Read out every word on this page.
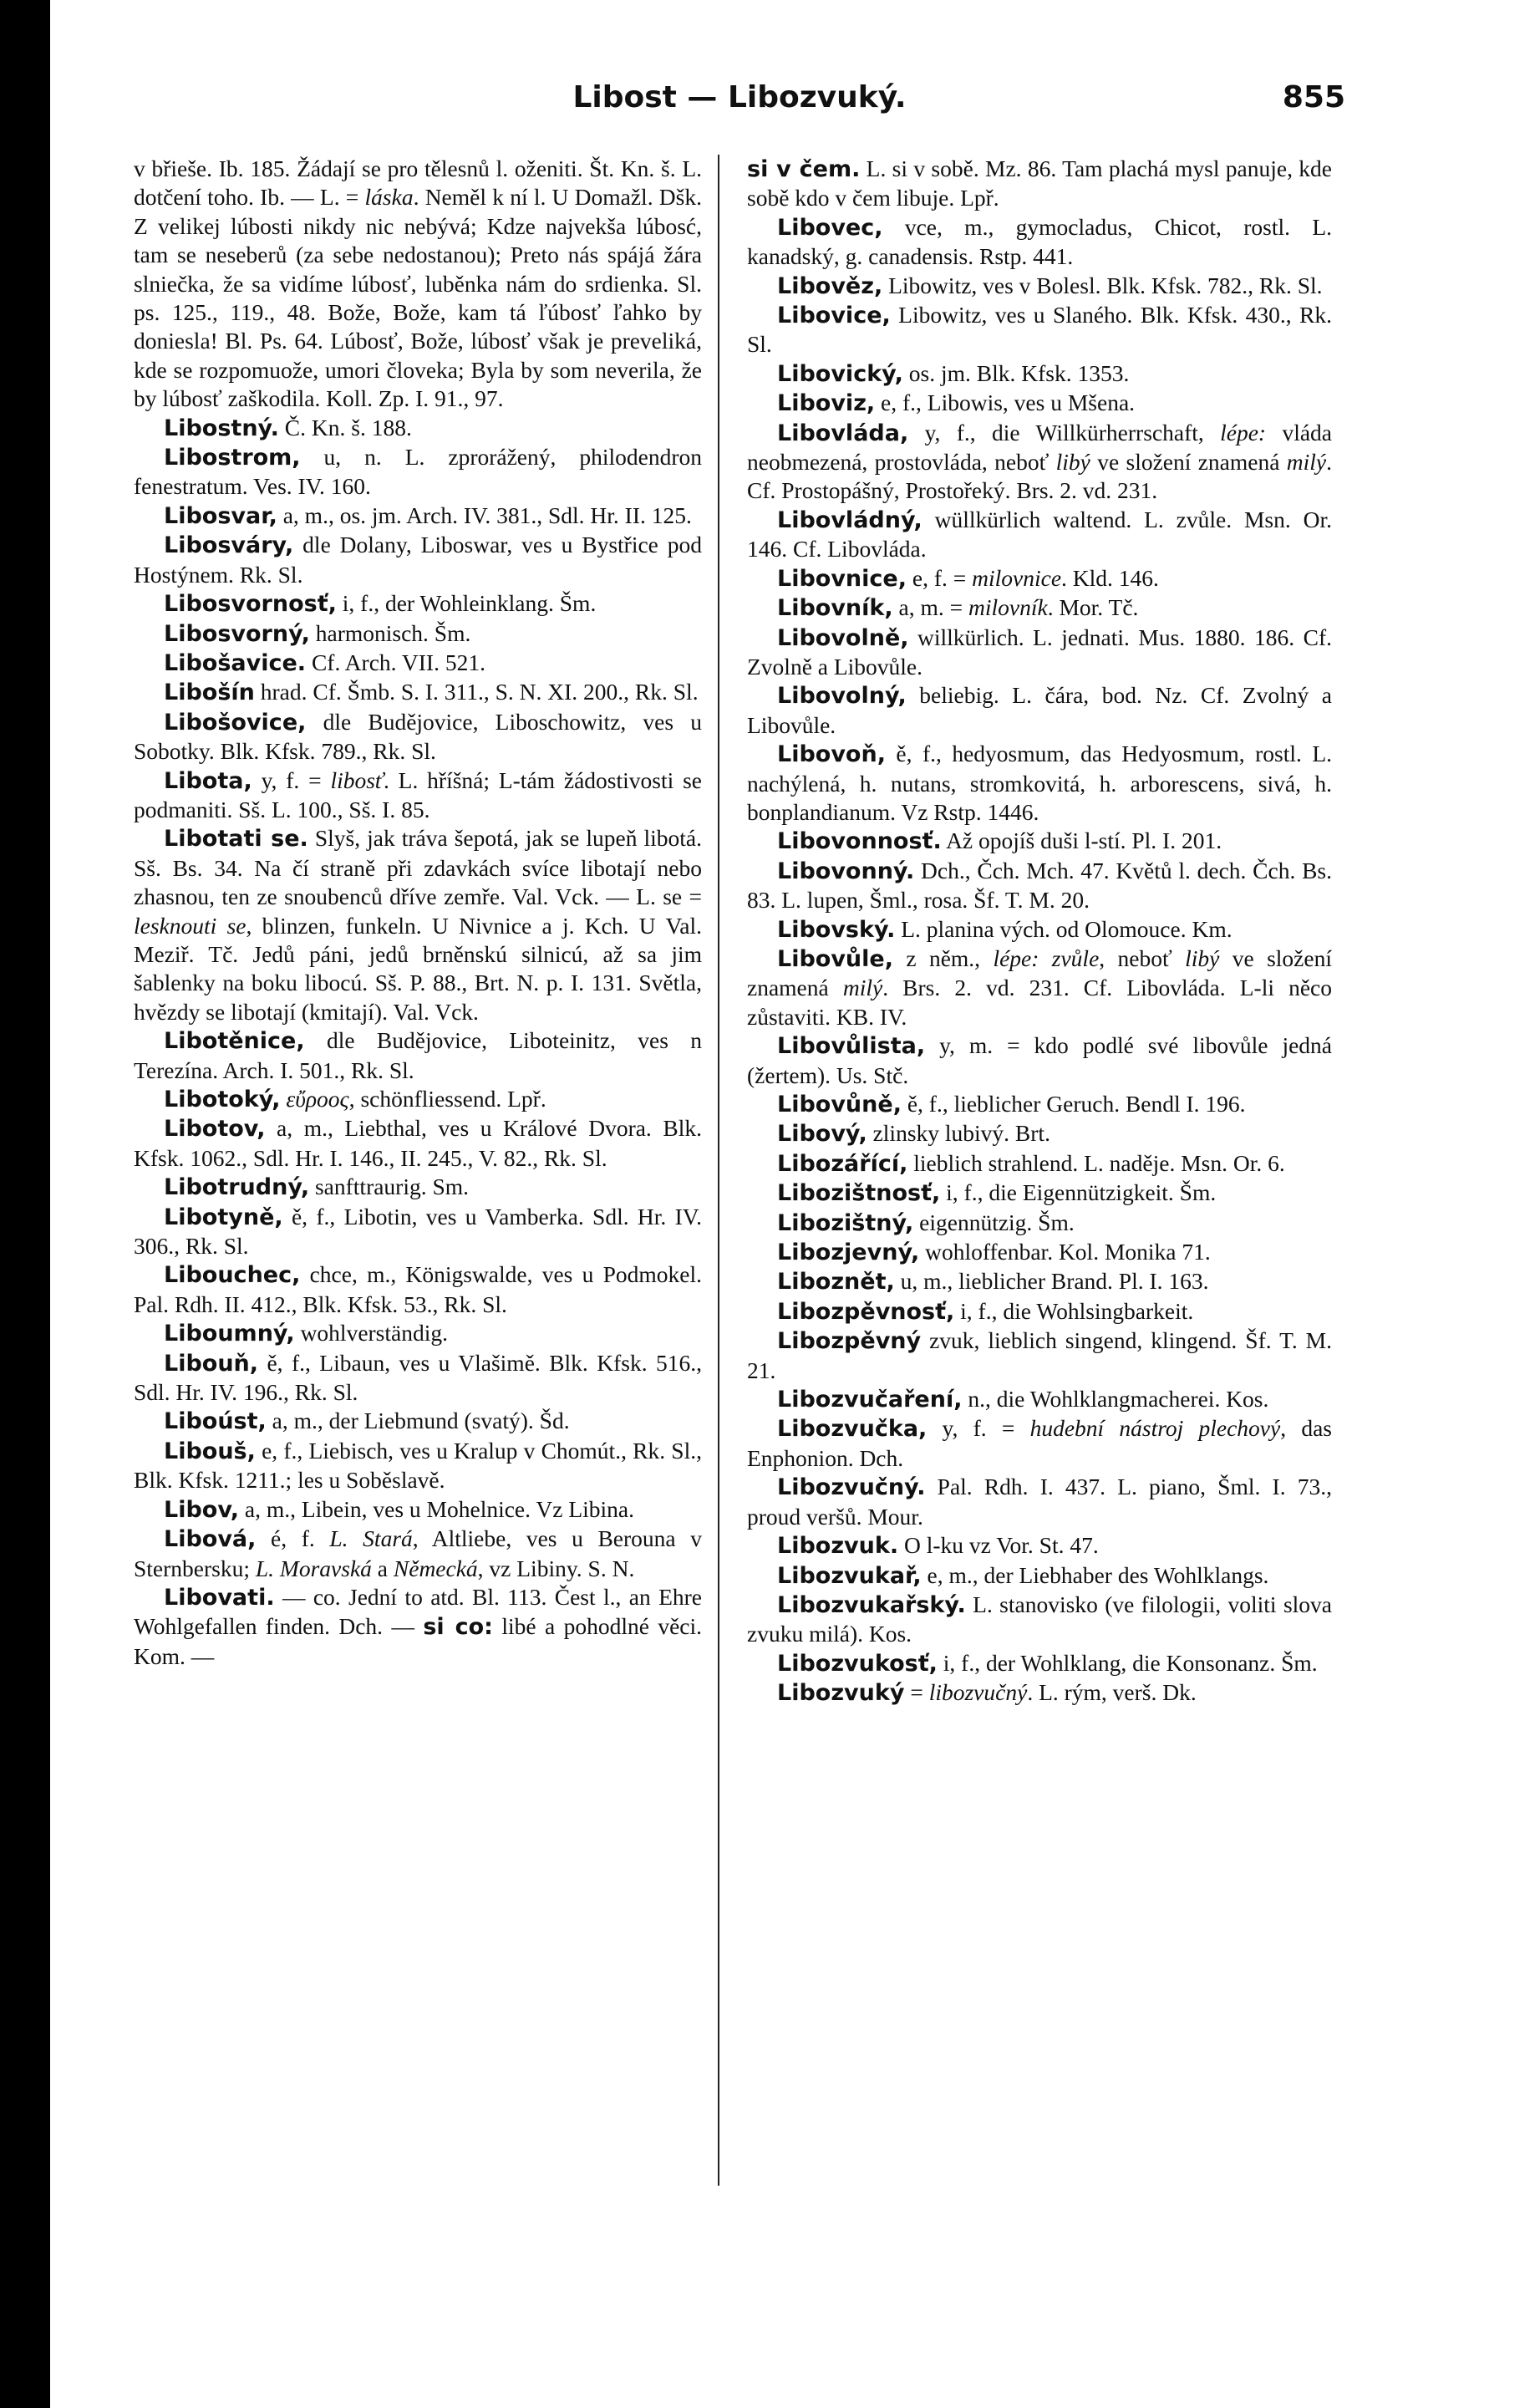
Libost — Libozvuký.	855

v břieše. Ib. 185. Žádají se pro tělesnů l. oženiti. Št. Kn. š. L. dotčení toho. Ib. — L. = láska. Neměl k ní l. U Domažl. Dšk. Z velikej lúbosti nikdy nic nebývá; Kdze najvekša lúbosć, tam se nesеberů (za sebe nedostanou); Preto nás spájá žára slniečka, že sa vidíme lúbosť, luběnka nám do srdienka. Sl. ps. 125., 119., 48. Bože, Bože, kam tá ľúbosť ľahko by doniesla! Bl. Ps. 64. Lúbosť, Bože, lúbosť však je preveliká, kde se rozpomuože, umori človeka; Byla by som neverila, že by lúbosť zaškodila. Koll. Zp. I. 91., 97.

Libostný. Č. Kn. š. 188.

Libostrom, u, n. L. zprorážený, philodendron fenestratum. Ves. IV. 160.

Libosvar, a, m., os. jm. Arch. IV. 381., Sdl. Hr. II. 125.

Libosváry, dle Dolany, Liboswar, ves u Bystřice pod Hostýnem. Rk. Sl.

Libosvornosť, i, f., der Wohleinklang. Šm.

Libosvorný, harmonisch. Šm.

Libošavice. Cf. Arch. VII. 521.

Libošín hrad. Cf. Šmb. S. I. 311., S. N. XI. 200., Rk. Sl.

Libošovice, dle Budějovice, Liboschowitz, ves u Sobotky. Blk. Kfsk. 789., Rk. Sl.

Libota, y, f. = libosť. L. hříšná; L-tám žádostivosti se podmaniti. Sš. L. 100., Sš. I. 85.

Libotati se. Slyš, jak tráva šepotá, jak se lupeň libotá. Sš. Bs. 34. Na čí straně při zdavkách svíce libotají nebo zhasnou, ten ze snoubenců dříve zemře. Val. Vck. — L. se = lesknouti se, blinzen, funkeln. U Nivnice a j. Kch. U Val. Meziř. Tč. Jedů páni, jedů brněnskú silnicú, až sa jim šablenky na boku libocú. Sš. P. 88., Brt. N. p. I. 131. Světla, hvězdy se libotají (kmitají). Val. Vck.

Libotěnice, dle Budějovice, Liboteinitz, ves n Terezína. Arch. I. 501., Rk. Sl.

Libotoký, εὔροος, schönfliessend. Lpř.

Libotov, a, m., Liebthal, ves u Králové Dvora. Blk. Kfsk. 1062., Sdl. Hr. I. 146., II. 245., V. 82., Rk. Sl.

Libotrudný, sanfttraurig. Sm.

Libotyně, ě, f., Libotin, ves u Vamberka. Sdl. Hr. IV. 306., Rk. Sl.

Libouchec, chce, m., Königswalde, ves u Podmokel. Pal. Rdh. II. 412., Blk. Kfsk. 53., Rk. Sl.

Liboumný, wohlverständig.

Libouň, ě, f., Libaun, ves u Vlašimě. Blk. Kfsk. 516., Sdl. Hr. IV. 196., Rk. Sl.

Liboúst, a, m., der Liebmund (svatý). Šd.

Libouš, e, f., Liebisch, ves u Kralup v Chomút., Rk. Sl., Blk. Kfsk. 1211.; les u Soběslavě.

Libov, a, m., Libein, ves u Mohelnice. Vz Libina.

Libová, é, f. L. Stará, Altliebe, ves u Berouna v Sternbersku; L. Moravská a Německá, vz Libiny. S. N.

Libovati. — co. Jední to atd. Bl. 113. Čest l., an Ehre Wohlgefallen finden. Dch. — si co: libé a pohodlné věci. Kom. —

si v čem. L. si v sobě. Mz. 86. Tam plachá mysl panuje, kde sobě kdo v čem libuje. Lpř.

Libovec, vce, m., gymocladus, Chicot, rostl. L. kanadský, g. canadensis. Rstp. 441.

Libověz, Libowitz, ves v Bolesl. Blk. Kfsk. 782., Rk. Sl.

Libovice, Libowitz, ves u Slaného. Blk. Kfsk. 430., Rk. Sl.

Libovický, os. jm. Blk. Kfsk. 1353.

Liboviz, e, f., Libowis, ves u Mšena.

Libovláda, y, f., die Willkürherrschaft, lépe: vláda neobmezená, prostovláda, neboť libý ve složení znamená milý. Cf. Prostopášný, Prostořeký. Brs. 2. vd. 231.

Libovládný, wüllkürlich waltend. L. zvůle. Msn. Or. 146. Cf. Libovláda.

Libovnice, e, f. = milovnice. Kld. 146.

Libovník, a, m. = milovník. Mor. Tč.

Libovolně, willkürlich. L. jednati. Mus. 1880. 186. Cf. Zvolně a Libovůle.

Libovolný, beliebig. L. čára, bod. Nz. Cf. Zvolný a Libovůle.

Libovoň, ě, f., hedyosmum, das Hedyosmum, rostl. L. nachýlená, h. nutans, stromkovitá, h. arborescens, sivá, h. bonplandianum. Vz Rstp. 1446.

Libovonnosť. Až opojíš duši l-stí. Pl. I. 201.

Libovonný. Dch., Čch. Mch. 47. Květů l. dech. Čch. Bs. 83. L. lupen, Šml., rosa. Šf. T. M. 20.

Libovský. L. planina vých. od Olomouce. Km.

Libovůle, z něm., lépe: zvůle, neboť libý ve složení znamená milý. Brs. 2. vd. 231. Cf. Libovláda. L-li něco zůstaviti. KB. IV.

Libovůlista, y, m. = kdo podlé své libovůle jedná (žertem). Us. Stč.

Libovůně, ě, f., lieblicher Geruch. Bendl I. 196.

Libový, zlinsky lubivý. Brt.

Libozářící, lieblich strahlend. L. naděje. Msn. Or. 6.

Libozištnosť, i, f., die Eigennützigkeit. Šm.

Libozištný, eigennützig. Šm.

Libozjevný, wohloffenbar. Kol. Monika 71.

Liboznět, u, m., lieblicher Brand. Pl. I. 163.

Libozpěvnosť, i, f., die Wohlsingbarkeit.

Libozpěvný zvuk, lieblich singend, klingend. Šf. T. M. 21.

Libozvučaření, n., die Wohlklangmacherei. Kos.

Libozvučka, y, f. = hudební nástroj plechový, das Enphonion. Dch.

Libozvučný. Pal. Rdh. I. 437. L. piano, Šml. I. 73., proud veršů. Mour.

Libozvuk. O l-ku vz Vor. St. 47.

Libozvukař, e, m., der Liebhaber des Wohlklangs.

Libozvukařský. L. stanovisko (ve filologii, voliti slova zvuku milá). Kos.

Libozvukosť, i, f., der Wohlklang, die Konsonanz. Šm.

Libozvuký = libozvučný. L. rým, verš. Dk.
